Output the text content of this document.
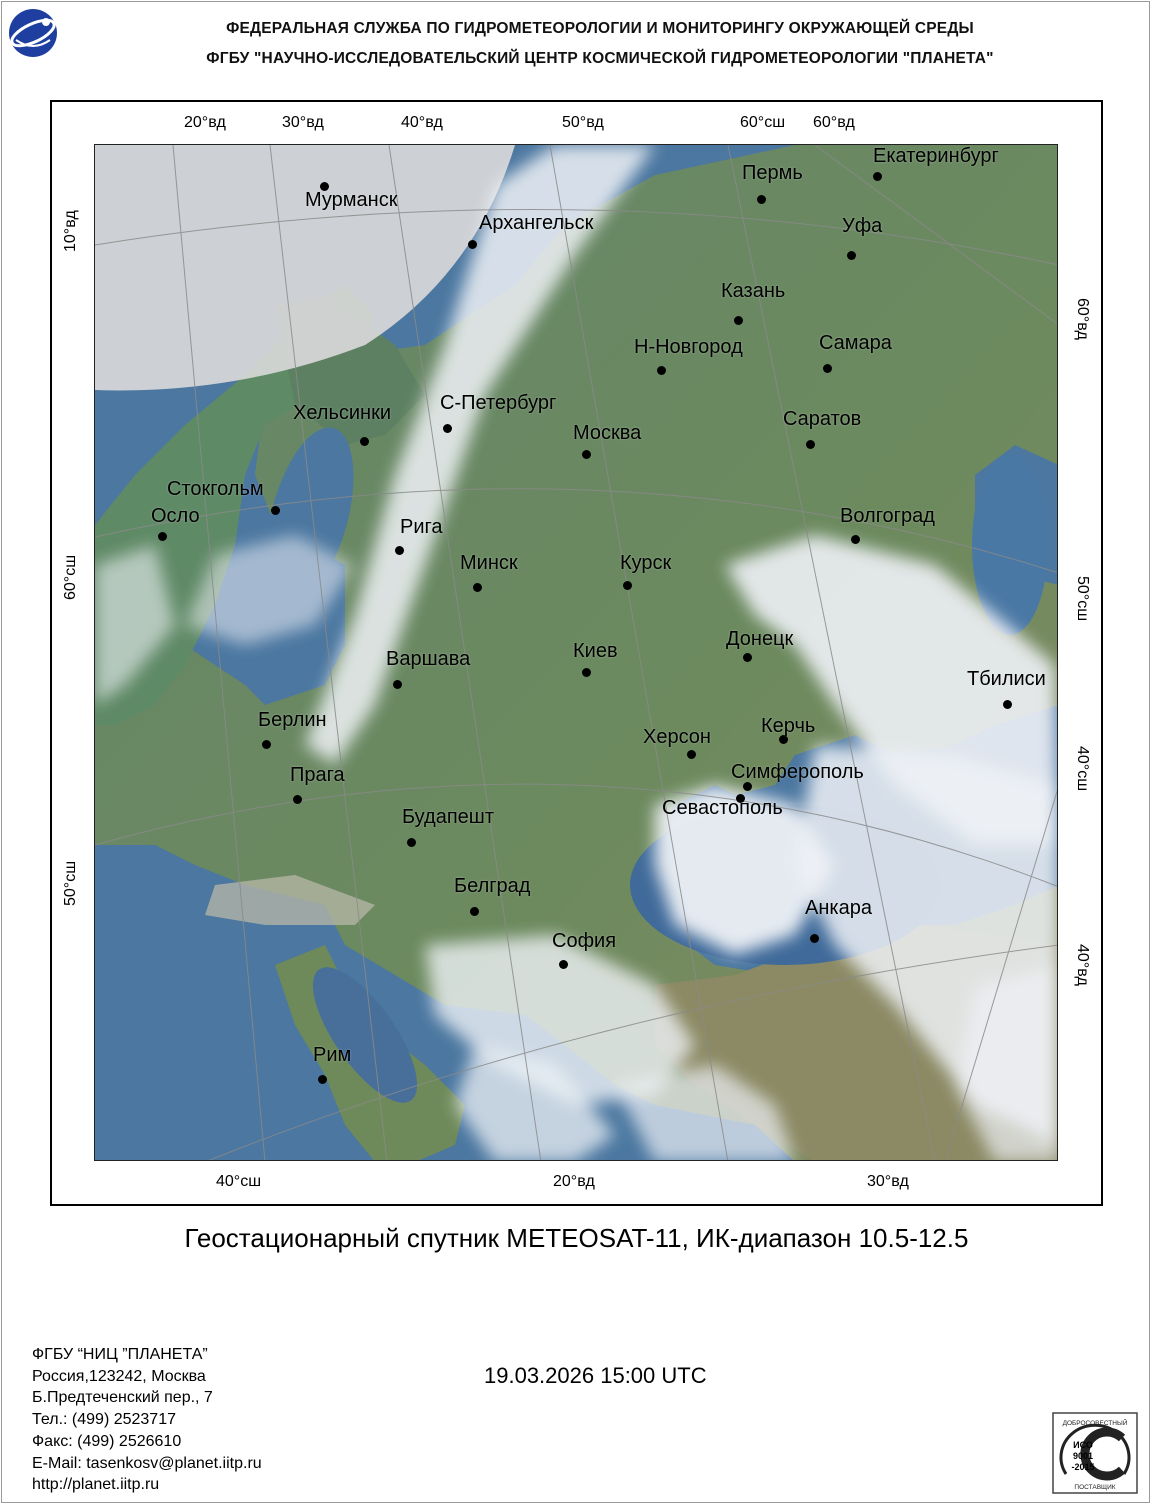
ФЕДЕРАЛЬНАЯ СЛУЖБА ПО ГИДРОМЕТЕОРОЛОГИИ И МОНИТОРИНГУ ОКРУЖАЮЩЕЙ СРЕДЫ
ФГБУ "НАУЧНО-ИССЛЕДОВАТЕЛЬСКИЙ ЦЕНТР КОСМИЧЕСКОЙ ГИДРОМЕТЕОРОЛОГИИ "ПЛАНЕТА"
20°вд	30°вд	40°вд	50°вд	60°сш 60°вд
40°сш	20°вд	30°вд
10°вд
60°сш
50°сш
60°вд
50°сш
40°сш
40°вд
Мурманск
Архангельск
Пермь
Екатеринбург
Уфа
Казань
Н-Новгород	Самара
Хельсинки С-Петербург
Москва
Саратов
Стокгольм
Осло	Рига	Волгоград
Минск	Курск
Донецк
Варшава	Киев
Тбилиси
Берлин
Херсон	Керчь
Прага	Симферополь
Севастополь
Будапешт
Белград
Анкара
София
Рим
Геостационарный спутник METEOSAT-11, ИК-диапазон 10.5-12.5
ФГБУ “НИЦ ”ПЛАНЕТА”
Россия,123242, Москва
Б.Предтеченский пер., 7
Тел.: (499) 2523717
Факс: (499) 2526610
E-Mail: tasenkosv@planet.iitp.ru
http://planet.iitp.ru
19.03.2026 15:00 UTC
ДОБРОСОВЕСТНЫЙ
ИСО
9001
-2015
ПОСТАВЩИК
